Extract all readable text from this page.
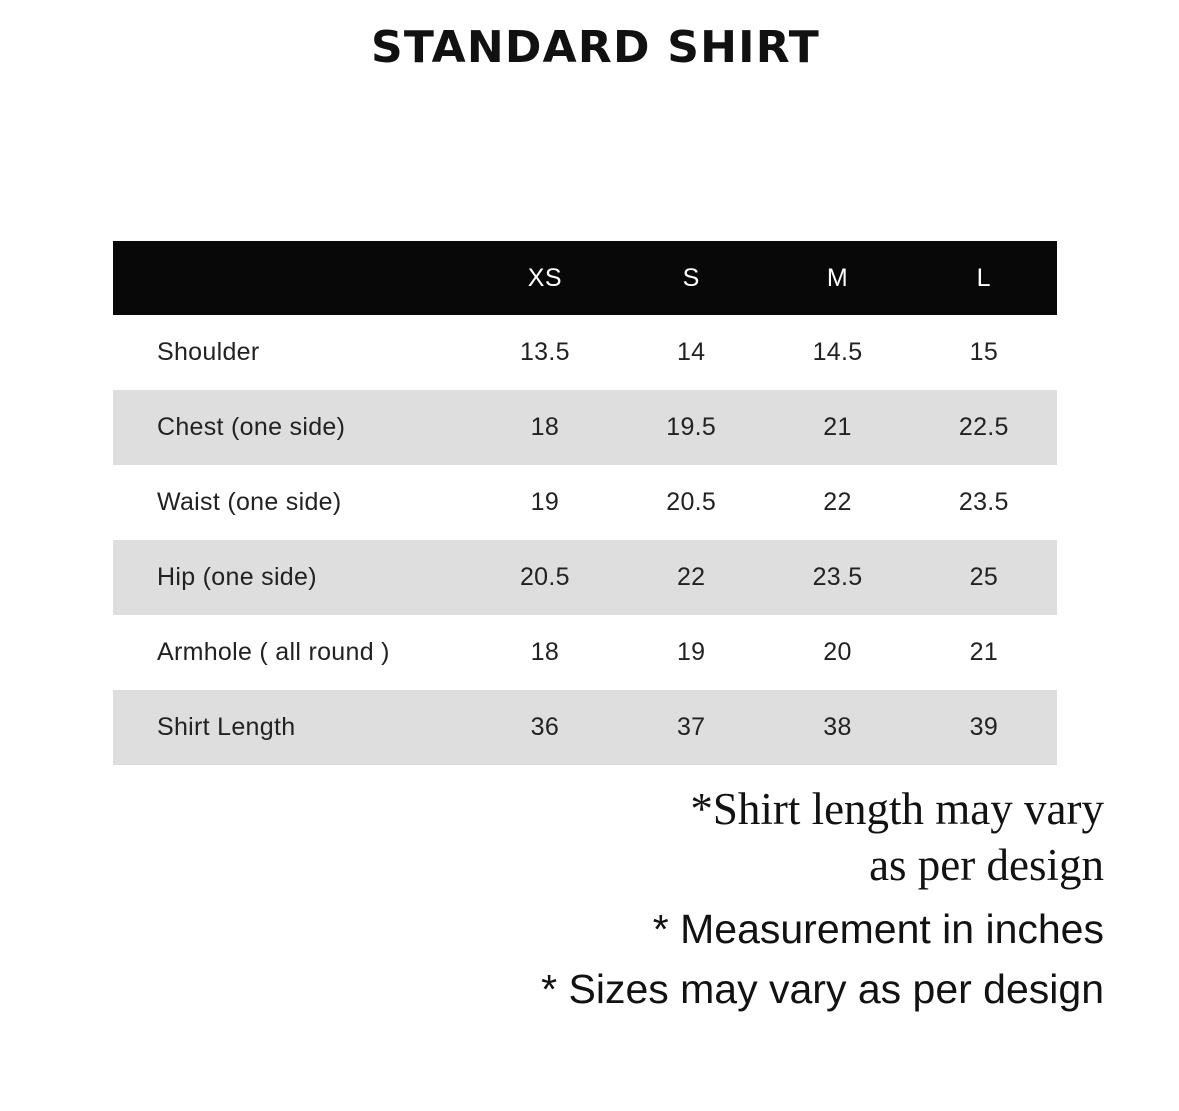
STANDARD SHIRT
	XS	S	M	L
Shoulder	13.5	14	14.5	15
Chest (one side)	18	19.5	21	22.5
Waist (one side)	19	20.5	22	23.5
Hip (one side)	20.5	22	23.5	25
Armhole ( all round )	18	19	20	21
Shirt Length	36	37	38	39
*Shirt length may vary
as per design
* Measurement in inches
* Sizes may vary as per design
